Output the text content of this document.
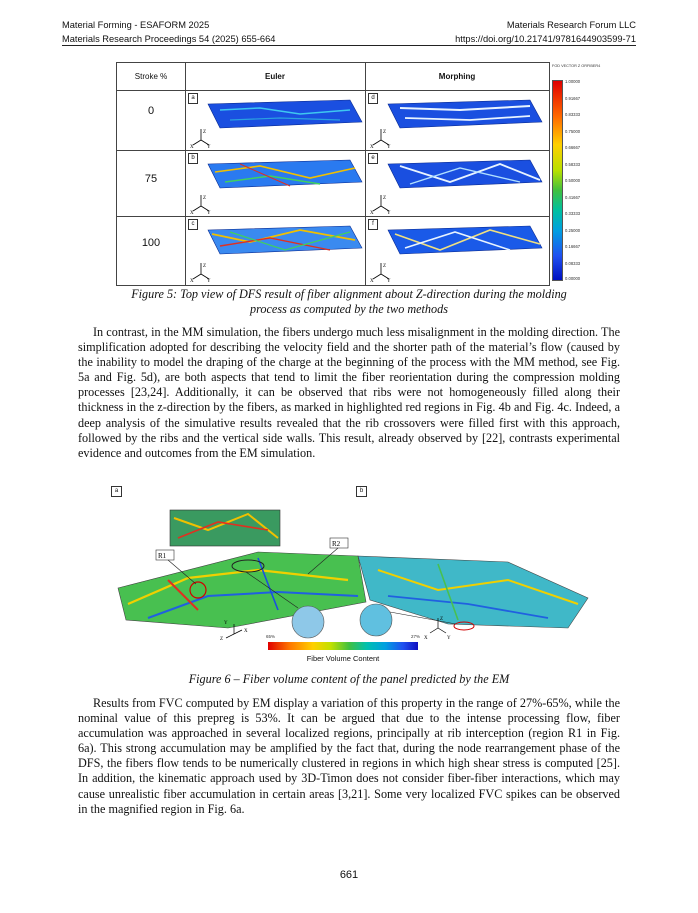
Material Forming - ESAFORM 2025	Materials Research Forum LLC
Materials Research Proceedings 54 (2025) 655-664	https://doi.org/10.21741/9781644903599-71
Stroke %	Euler	Morphing
0
75
100
a
Z
X	Y
d
Z
X	Y
b
Z
X	Y
e
Z
X	Y
c
Z
X	Y
f
Z
X	Y
FOD VECTOR Z ORFIBER4
1.00000
0.91667
0.83333
0.75000
0.66667
0.58333
0.50000
0.41667
0.33333
0.25000
0.16667
0.08333
0.00000
Figure 5: Top view of DFS result of fiber alignment about Z-direction during the molding
process as computed by the two methods

In contrast, in the MM simulation, the fibers undergo much less misalignment in the molding direction. The simplification adopted for describing the velocity field and the shorter path of the material’s flow (caused by the inability to model the draping of the charge at the beginning of the process with the MM method, see Fig. 5a and Fig. 5d), are both aspects that tend to limit the fiber reorientation during the compression molding processes [23,24]. Additionally, it can be observed that ribs were not homogeneously filled along their thickness in the z-direction by the fibers, as marked in highlighted red regions in Fig. 4b and Fig. 4c. Indeed, a deep analysis of the simulative results revealed that the rib crossovers were filled first with this approach, followed by the ribs and the vertical side walls. This result, already observed by [22], contrasts experimental evidence and outcomes from the EM simulation.

a	b
R1
R2
Y
X
Z
Z
X	Y
65%	27%
Fiber Volume Content
Figure 6 – Fiber volume content of the panel predicted by the EM

Results from FVC computed by EM display a variation of this property in the range of 27%-65%, while the nominal value of this prepreg is 53%. It can be argued that due to the intense processing flow, fiber accumulation was approached in several localized regions, principally at rib interception (region R1 in Fig. 6a). This strong accumulation may be amplified by the fact that, during the node rearrangement phase of the DFS, the fibers flow tends to be numerically clustered in regions in which high shear stress is computed [25]. In addition, the kinematic approach used by 3D-Timon does not consider fiber-fiber interactions, which may cause unrealistic fiber accumulation in certain areas [3,21]. Some very localized FVC spikes can be observed in the magnified region in Fig. 6a.

661
